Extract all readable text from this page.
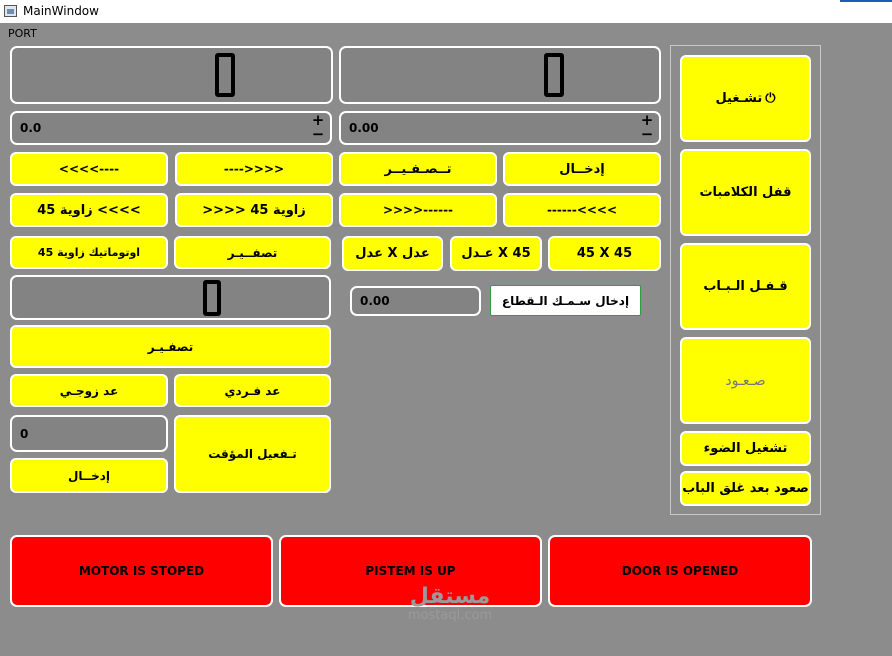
MainWindow
PORT
0.0	+
−	0.00	+
−
<<<<----	---->>>>
زاوية 45 <<<<	>>>> زاوية 45
اوتوماتيك زاوية 45	تصفــيـر
تصفـيـر
عد زوجـي	عد فـردي
0
إدخــال
تـفعيل المؤقت
تــصـفـيــر	إدخــال
>>>>------	------<<<<
عدل X عدل	عـدل X 45	45 X 45
0.00	إدخال سـمـك الـقطاع
تشـغيل ⏻
قفل الكلامبات
قـفـل الـبـاب
صـعـود
تشغيل الضوء
صعود بعد غلق الباب
MOTOR IS STOPED	PISTEM IS UP	DOOR IS OPENED
مستقل
mostaql.com
